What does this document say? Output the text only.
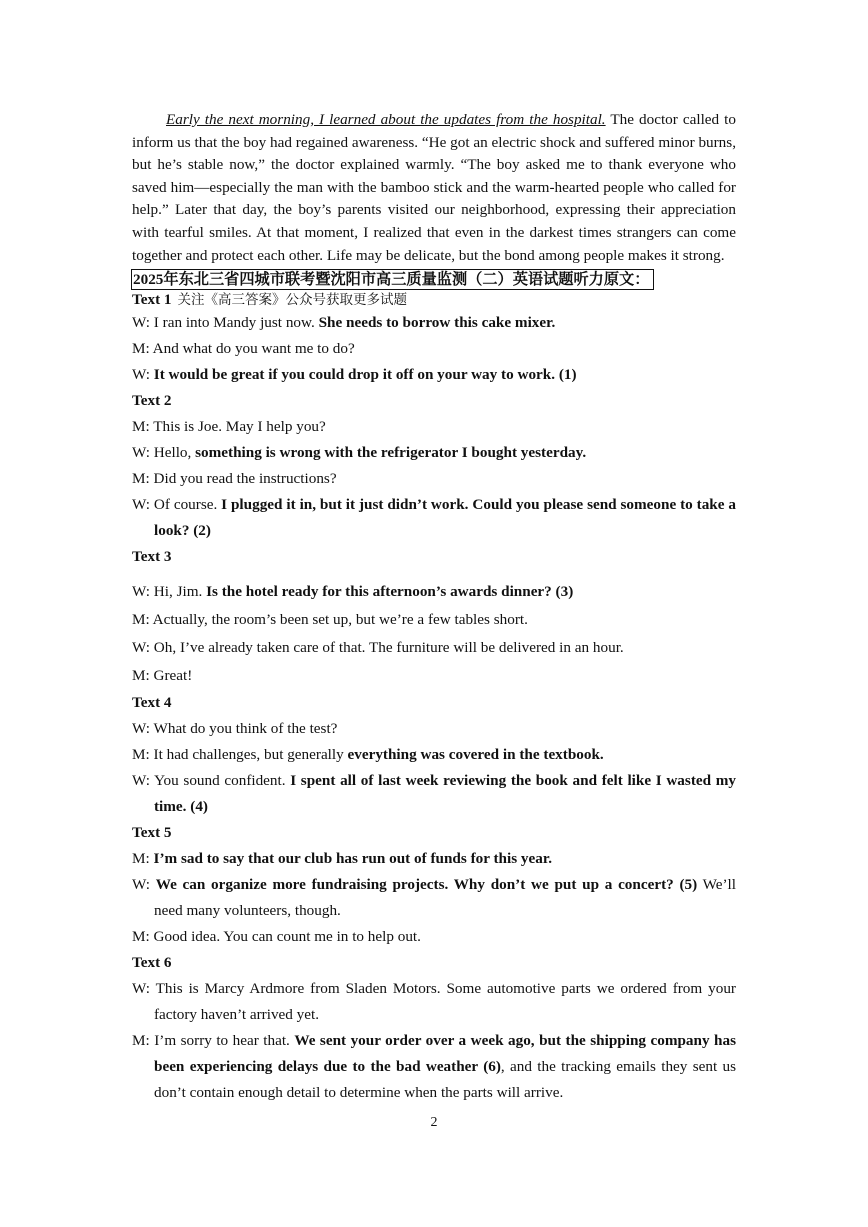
Early the next morning, I learned about the updates from the hospital. The doctor called to inform us that the boy had regained awareness. “He got an electric shock and suffered minor burns, but he’s stable now,” the doctor explained warmly. “The boy asked me to thank everyone who saved him—especially the man with the bamboo stick and the warm-hearted people who called for help.” Later that day, the boy’s parents visited our neighborhood, expressing their appreciation with tearful smiles. At that moment, I realized that even in the darkest times strangers can come together and protect each other. Life may be delicate, but the bond among people makes it strong.

2025年东北三省四城市联考暨沈阳市高三质量监测（二）英语试题听力原文：

Text 1 关注《高三答案》公众号获取更多试题

W: I ran into Mandy just now. She needs to borrow this cake mixer.

M: And what do you want me to do?

W: It would be great if you could drop it off on your way to work. (1)

Text 2

M: This is Joe. May I help you?

W: Hello, something is wrong with the refrigerator I bought yesterday.

M: Did you read the instructions?

W: Of course. I plugged it in, but it just didn’t work. Could you please send someone to take a look? (2)

Text 3

W: Hi, Jim. Is the hotel ready for this afternoon’s awards dinner? (3)

M: Actually, the room’s been set up, but we’re a few tables short.

W: Oh, I’ve already taken care of that. The furniture will be delivered in an hour.

M: Great!

Text 4

W: What do you think of the test?

M: It had challenges, but generally everything was covered in the textbook.

W: You sound confident. I spent all of last week reviewing the book and felt like I wasted my time. (4)

Text 5

M: I’m sad to say that our club has run out of funds for this year.

W: We can organize more fundraising projects. Why don’t we put up a concert? (5) We’ll need many volunteers, though.

M: Good idea. You can count me in to help out.

Text 6

W: This is Marcy Ardmore from Sladen Motors. Some automotive parts we ordered from your factory haven’t arrived yet.

M: I’m sorry to hear that. We sent your order over a week ago, but the shipping company has been experiencing delays due to the bad weather (6), and the tracking emails they sent us don’t contain enough detail to determine when the parts will arrive.

2
